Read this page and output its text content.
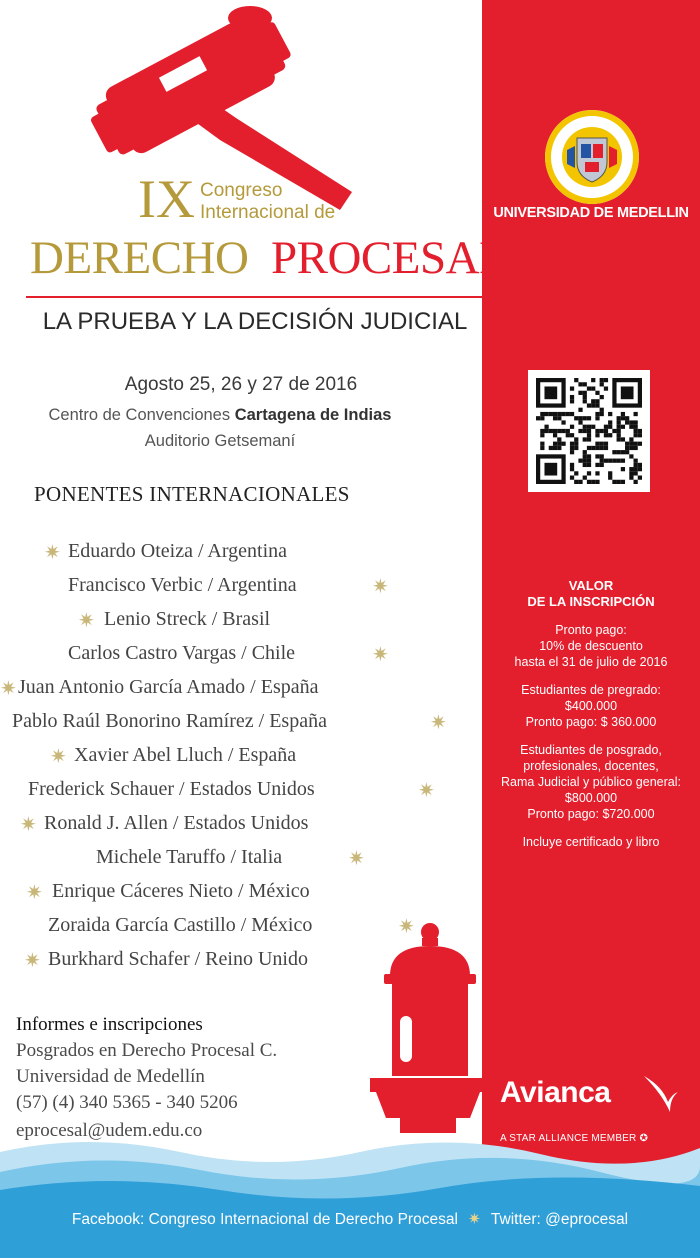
IX Congreso
Internacional de
DERECHO PROCESAL
LA PRUEBA Y LA DECISIÓN JUDICIAL
Agosto 25, 26 y 27 de 2016
Centro de Convenciones Cartagena de Indias
Auditorio Getsemaní
PONENTES INTERNACIONALES
Eduardo Oteiza / Argentina
✷
Francisco Verbic / Argentina	✷
Lenio Streck / Brasil
✷
Carlos Castro Vargas / Chile	✷
Juan Antonio García Amado / España
✷
Pablo Raúl Bonorino Ramírez / España	✷
Xavier Abel Lluch / España
✷
Frederick Schauer / Estados Unidos	✷
Ronald J. Allen / Estados Unidos
✷
Michele Taruffo / Italia	✷
Enrique Cáceres Nieto / México
✷
Zoraida García Castillo / México	✷
Burkhard Schafer / Reino Unido
✷
Informes e inscripciones
Posgrados en Derecho Procesal C.
Universidad de Medellín
(57) (4) 340 5365 - 340 5206
eprocesal@udem.edu.co
UNIVERSIDAD DE MEDELLIN

VALOR
DE LA INSCRIPCIÓN

Pronto pago:
10% de descuento
hasta el 31 de julio de 2016

Estudiantes de pregrado:
$400.000
Pronto pago: $ 360.000

Estudiantes de posgrado,
profesionales, docentes,
Rama Judicial y público general:
$800.000
Pronto pago: $720.000

Incluye certificado y libro

Avianca
A STAR ALLIANCE MEMBER ✪
Facebook: Congreso Internacional de Derecho Procesal ✷ Twitter: @eprocesal
